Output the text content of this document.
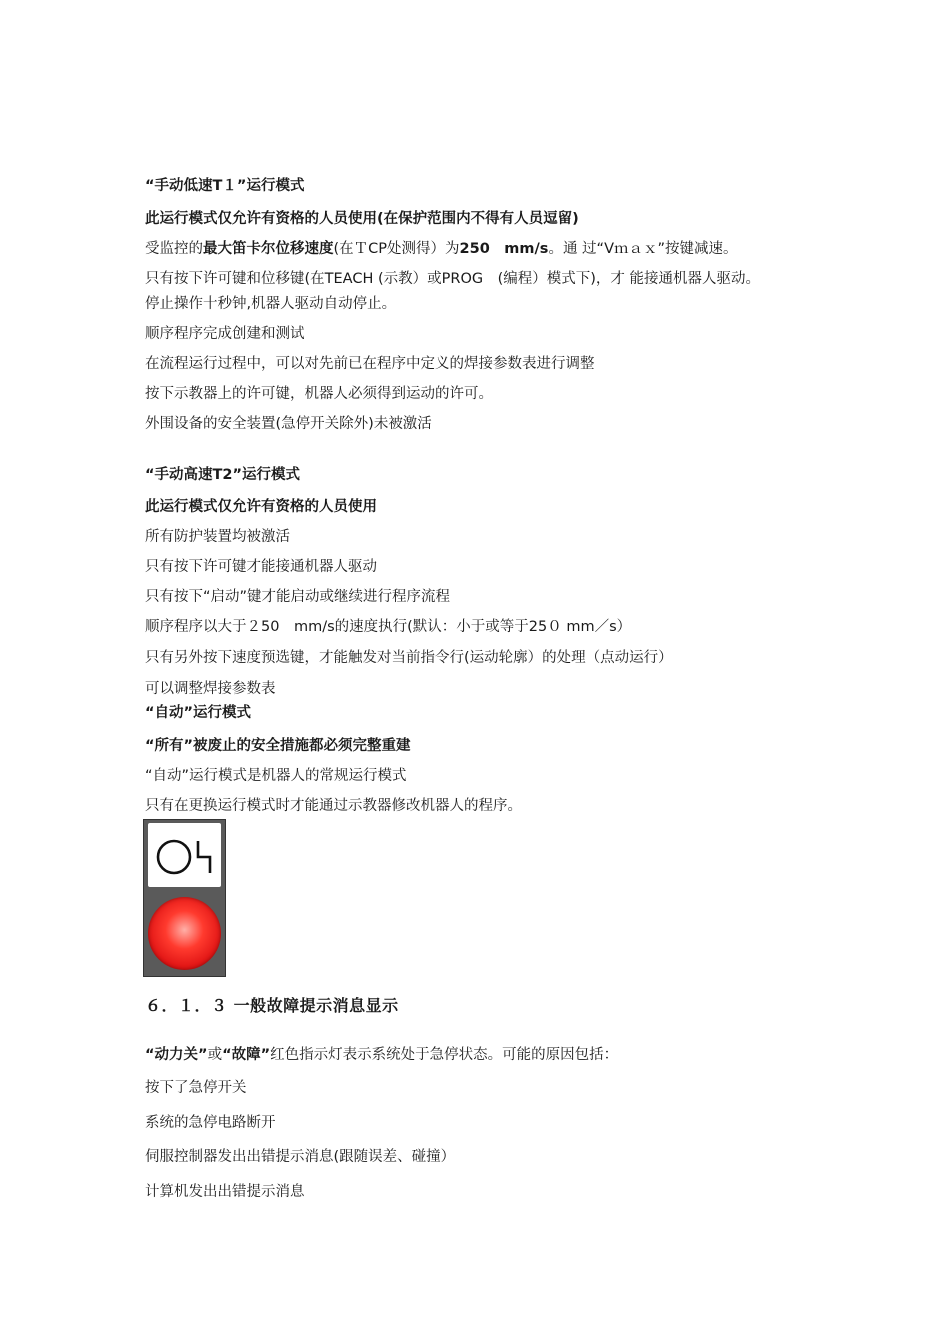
“手动低速T１”运行模式
此运行模式仅允许有资格的人员使用(在保护范围内不得有人员逗留)
受监控的最大笛卡尔位移速度(在ＴCP处测得）为250　mm/s。通 过“Vｍａｘ”按键减速。
只有按下许可键和位移键(在TEACH (示教）或PROG　(编程）模式下)，才 能接通机器人驱动。
停止操作十秒钟,机器人驱动自动停止。
顺序程序完成创建和测试
在流程运行过程中，可以对先前已在程序中定义的焊接参数表进行调整
按下示教器上的许可键，机器人必须得到运动的许可。
外围设备的安全装置(急停开关除外)未被激活
“手动高速T2”运行模式
此运行模式仅允许有资格的人员使用
所有防护装置均被激活
只有按下许可键才能接通机器人驱动
只有按下“启动”键才能启动或继续进行程序流程
顺序程序以大于２50　mm/s的速度执行(默认：小于或等于25０ mm／s）
只有另外按下速度预选键，才能触发对当前指令行(运动轮廓）的处理（点动运行）
可以调整焊接参数表
“自动”运行模式
“所有”被废止的安全措施都必须完整重建
“自动”运行模式是机器人的常规运行模式
只有在更换运行模式时才能通过示教器修改机器人的程序。
６．１．３ 一般故障提示消息显示
“动力关”或“故障”红色指示灯表示系统处于急停状态。可能的原因包括：
按下了急停开关
系统的急停电路断开
伺服控制器发出出错提示消息(跟随误差、碰撞）
计算机发出出错提示消息
